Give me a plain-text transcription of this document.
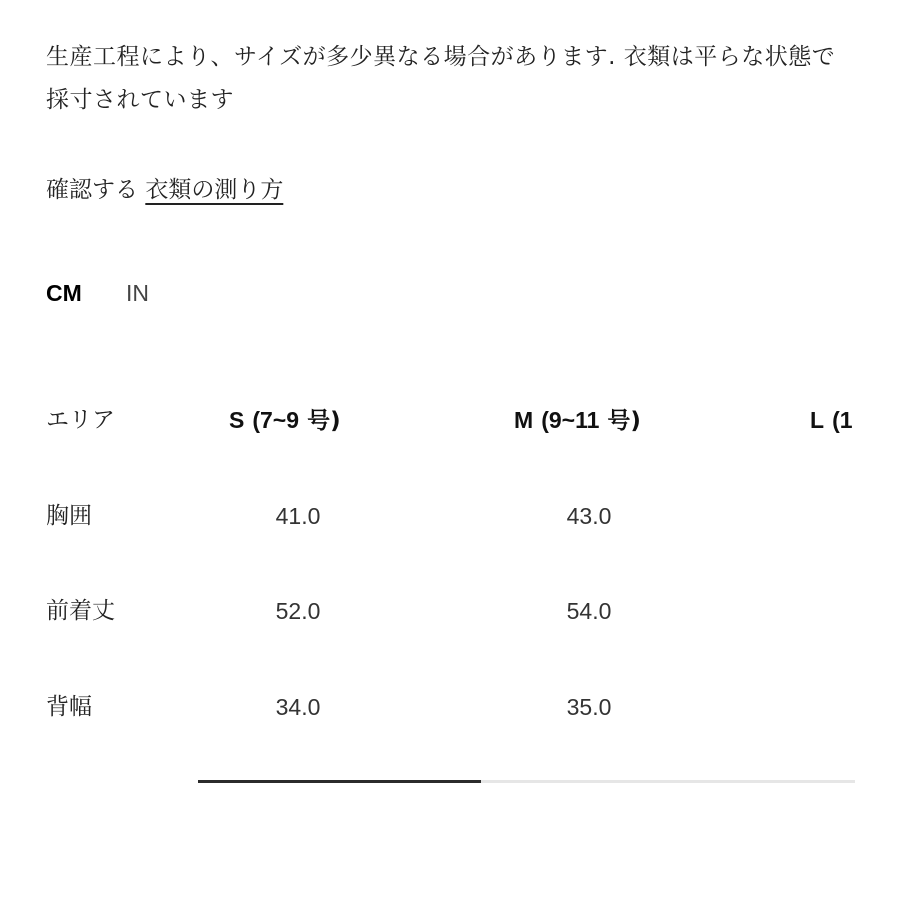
生産工程により、サイズが多少異なる場合があります. 衣類は平らな状態で採寸されています

確認する 衣類の測り方
CM	IN
エリア	S (7~9 号)	M (9~11 号)	L (1
胸囲	41.0	43.0
前着丈	52.0	54.0
背幅	34.0	35.0
